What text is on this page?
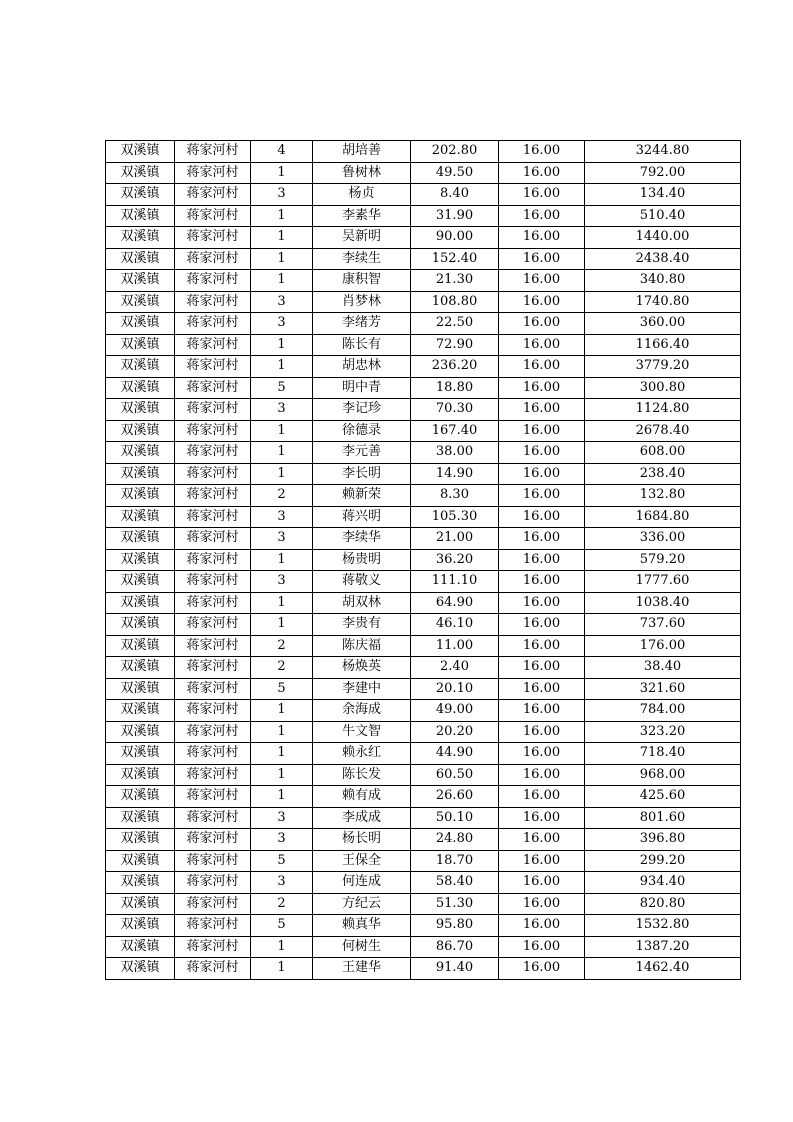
双溪镇	蒋家河村	4	胡培善	202.80	16.00	3244.80
双溪镇	蒋家河村	1	鲁树林	49.50	16.00	792.00
双溪镇	蒋家河村	3	杨贞	8.40	16.00	134.40
双溪镇	蒋家河村	1	李素华	31.90	16.00	510.40
双溪镇	蒋家河村	1	吴新明	90.00	16.00	1440.00
双溪镇	蒋家河村	1	李续生	152.40	16.00	2438.40
双溪镇	蒋家河村	1	康积智	21.30	16.00	340.80
双溪镇	蒋家河村	3	肖梦林	108.80	16.00	1740.80
双溪镇	蒋家河村	3	李绪芳	22.50	16.00	360.00
双溪镇	蒋家河村	1	陈长有	72.90	16.00	1166.40
双溪镇	蒋家河村	1	胡忠林	236.20	16.00	3779.20
双溪镇	蒋家河村	5	明中青	18.80	16.00	300.80
双溪镇	蒋家河村	3	李记珍	70.30	16.00	1124.80
双溪镇	蒋家河村	1	徐德录	167.40	16.00	2678.40
双溪镇	蒋家河村	1	李元善	38.00	16.00	608.00
双溪镇	蒋家河村	1	李长明	14.90	16.00	238.40
双溪镇	蒋家河村	2	赖新荣	8.30	16.00	132.80
双溪镇	蒋家河村	3	蒋兴明	105.30	16.00	1684.80
双溪镇	蒋家河村	3	李续华	21.00	16.00	336.00
双溪镇	蒋家河村	1	杨贵明	36.20	16.00	579.20
双溪镇	蒋家河村	3	蒋敬义	111.10	16.00	1777.60
双溪镇	蒋家河村	1	胡双林	64.90	16.00	1038.40
双溪镇	蒋家河村	1	李贵有	46.10	16.00	737.60
双溪镇	蒋家河村	2	陈庆福	11.00	16.00	176.00
双溪镇	蒋家河村	2	杨焕英	2.40	16.00	38.40
双溪镇	蒋家河村	5	李建中	20.10	16.00	321.60
双溪镇	蒋家河村	1	余海成	49.00	16.00	784.00
双溪镇	蒋家河村	1	牛文智	20.20	16.00	323.20
双溪镇	蒋家河村	1	赖永红	44.90	16.00	718.40
双溪镇	蒋家河村	1	陈长发	60.50	16.00	968.00
双溪镇	蒋家河村	1	赖有成	26.60	16.00	425.60
双溪镇	蒋家河村	3	李成成	50.10	16.00	801.60
双溪镇	蒋家河村	3	杨长明	24.80	16.00	396.80
双溪镇	蒋家河村	5	王保全	18.70	16.00	299.20
双溪镇	蒋家河村	3	何连成	58.40	16.00	934.40
双溪镇	蒋家河村	2	方纪云	51.30	16.00	820.80
双溪镇	蒋家河村	5	赖真华	95.80	16.00	1532.80
双溪镇	蒋家河村	1	何树生	86.70	16.00	1387.20
双溪镇	蒋家河村	1	王建华	91.40	16.00	1462.40
